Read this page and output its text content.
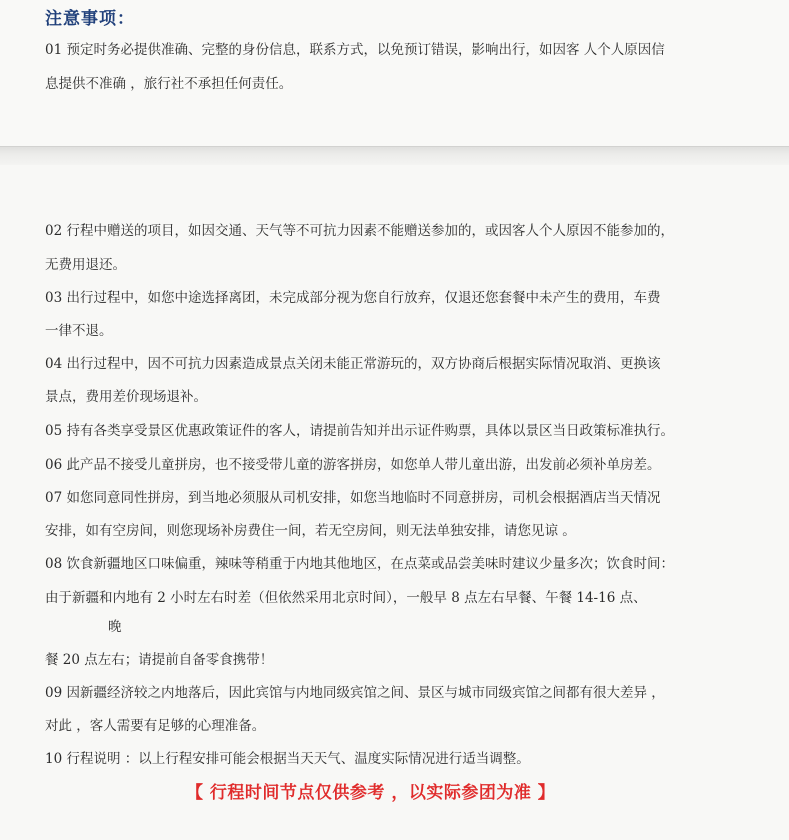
注意事项：
01 预定时务必提供准确、完整的身份信息，联系方式，以免预订错误，影响出行，如因客 人个人原因信
息提供不准确 ，旅行社不承担任何责任。
02 行程中赠送的项目，如因交通、天气等不可抗力因素不能赠送参加的，或因客人个人原因不能参加的，
无费用退还。
03 出行过程中，如您中途选择离团，未完成部分视为您自行放弃，仅退还您套餐中未产生的费用，车费
一律不退。
04 出行过程中，因不可抗力因素造成景点关闭未能正常游玩的，双方协商后根据实际情况取消、更换该
景点，费用差价现场退补。
05 持有各类享受景区优惠政策证件的客人，请提前告知并出示证件购票，具体以景区当日政策标准执行。
06 此产品不接受儿童拼房，也不接受带儿童的游客拼房，如您单人带儿童出游，出发前必须补单房差。
07 如您同意同性拼房，到当地必须服从司机安排，如您当地临时不同意拼房，司机会根据酒店当天情况
安排，如有空房间，则您现场补房费住一间，若无空房间，则无法单独安排，请您见谅 。
08 饮食新疆地区口味偏重，辣味等稍重于内地其他地区，在点菜或品尝美味时建议少量多次；饮食时间：
由于新疆和内地有 2 小时左右时差（但依然采用北京时间），一般早 8 点左右早餐、午餐 14-16 点、
晚
餐 20 点左右；请提前自备零食携带！
09 因新疆经济较之内地落后，因此宾馆与内地同级宾馆之间、景区与城市同级宾馆之间都有很大差异 ，
对此 ，客人需要有足够的心理准备。
10 行程说明 ：以上行程安排可能会根据当天天气、温度实际情况进行适当调整。
【 行程时间节点仅供参考 ，以实际参团为准 】
